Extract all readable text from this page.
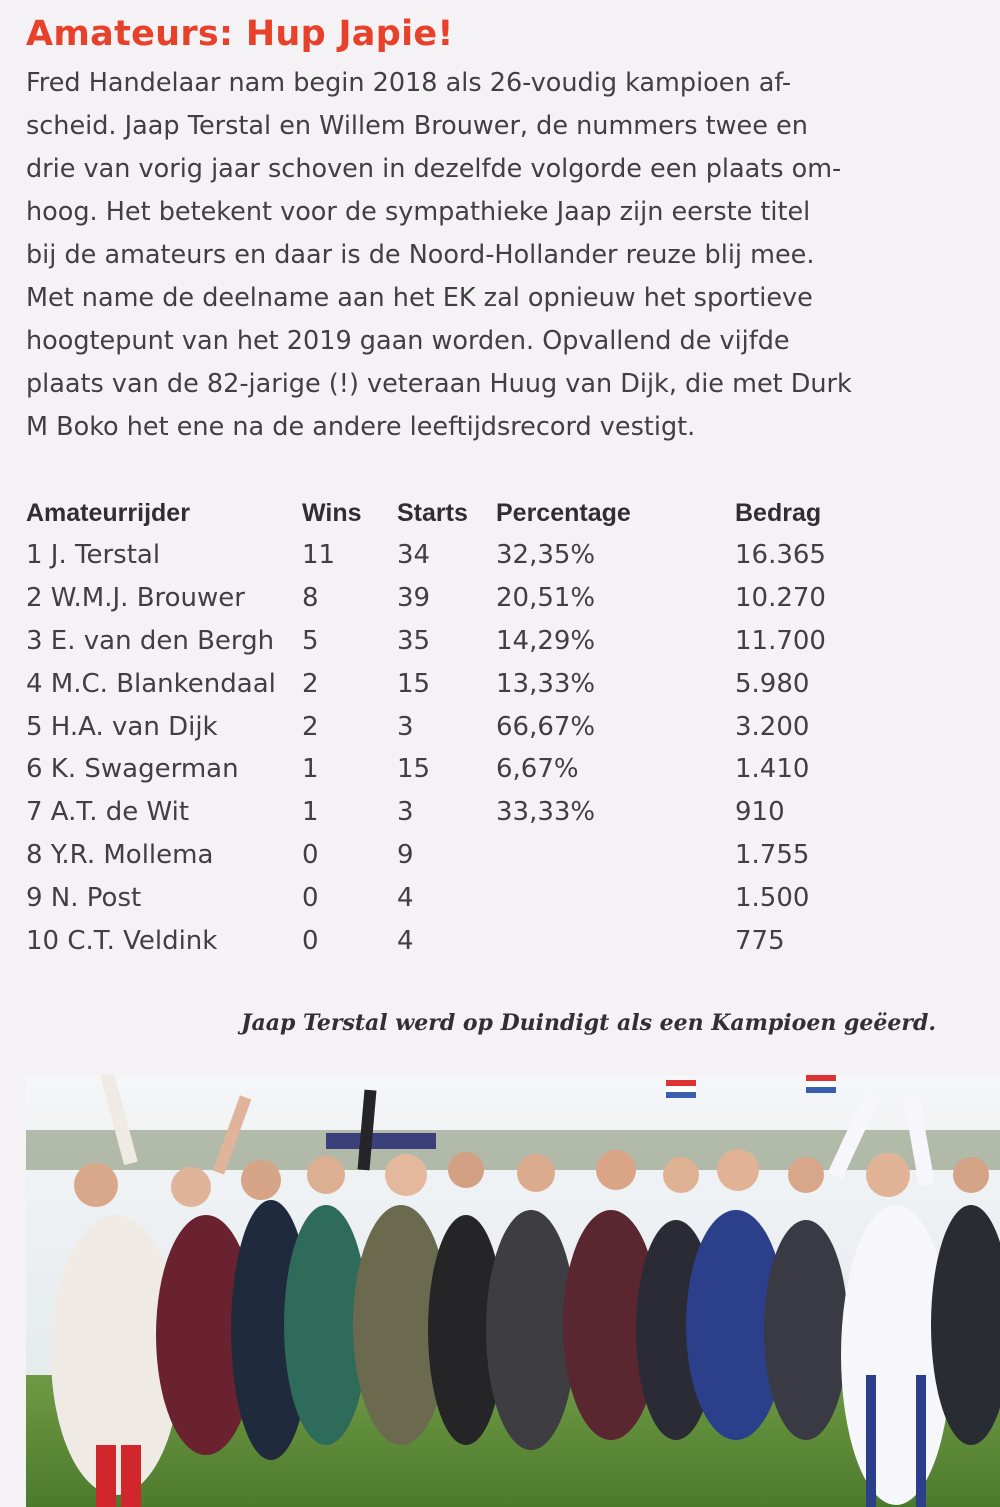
Amateurs: Hup Japie!
Fred Handelaar nam begin 2018 als 26-voudig kampioen af-
scheid. Jaap Terstal en Willem Brouwer, de nummers twee en
drie van vorig jaar schoven in dezelfde volgorde een plaats om-
hoog. Het betekent voor de sympathieke Jaap zijn eerste titel
bij de amateurs en daar is de Noord-Hollander reuze blij mee.
Met name de deelname aan het EK zal opnieuw het sportieve
hoogtepunt van het 2019 gaan worden. Opvallend de vijfde
plaats van de 82-jarige (!) veteraan Huug van Dijk, die met Durk
M Boko het ene na de andere leeftijdsrecord vestigt.
Amateurrijder	Wins	Starts	Percentage	Bedrag
1 J. Terstal	11	34	32,35%	16.365
2 W.M.J. Brouwer	8	39	20,51%	10.270
3 E. van den Bergh	5	35	14,29%	11.700
4 M.C. Blankendaal	2	15	13,33%	5.980
5 H.A. van Dijk	2	3	66,67%	3.200
6 K. Swagerman	1	15	6,67%	1.410
7 A.T. de Wit	1	3	33,33%	910
8 Y.R. Mollema	0	9		1.755
9 N. Post	0	4		1.500
10 C.T. Veldink	0	4		775
Jaap Terstal werd op Duindigt als een Kampioen geëerd.
